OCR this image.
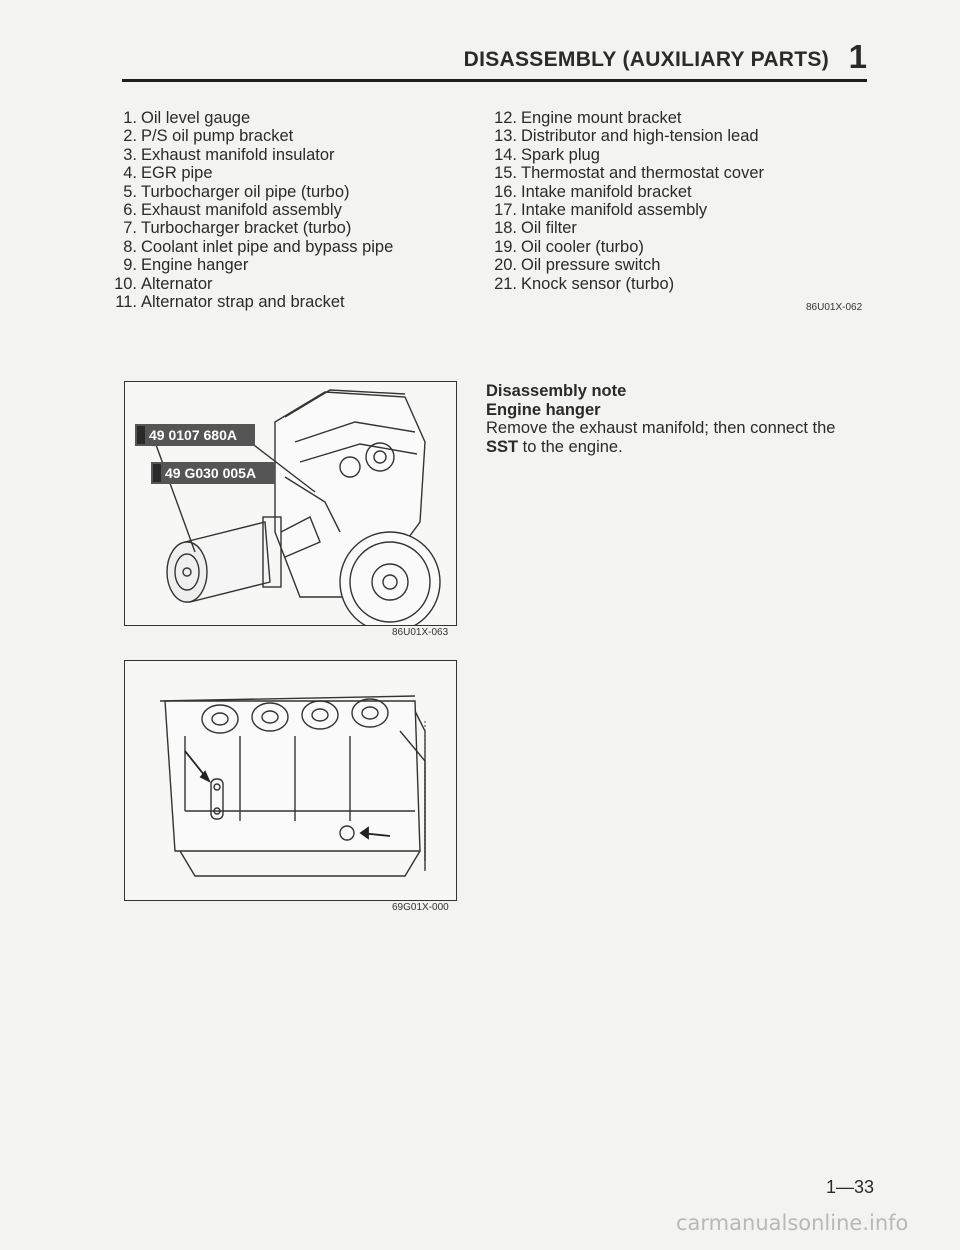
DISASSEMBLY (AUXILIARY PARTS) 1
1. Oil level gauge
2. P/S oil pump bracket
3. Exhaust manifold insulator
4. EGR pipe
5. Turbocharger oil pipe (turbo)
6. Exhaust manifold assembly
7. Turbocharger bracket (turbo)
8. Coolant inlet pipe and bypass pipe
9. Engine hanger
10. Alternator
11. Alternator strap and bracket
12. Engine mount bracket
13. Distributor and high-tension lead
14. Spark plug
15. Thermostat and thermostat cover
16. Intake manifold bracket
17. Intake manifold assembly
18. Oil filter
19. Oil cooler (turbo)
20. Oil pressure switch
21. Knock sensor (turbo)
86U01X-062
49 0107 680A
49 G030 005A
86U01X-063
69G01X-000
Disassembly note
Engine hanger
Remove the exhaust manifold; then connect the SST to the engine.
1—33
carmanualsonline.info
